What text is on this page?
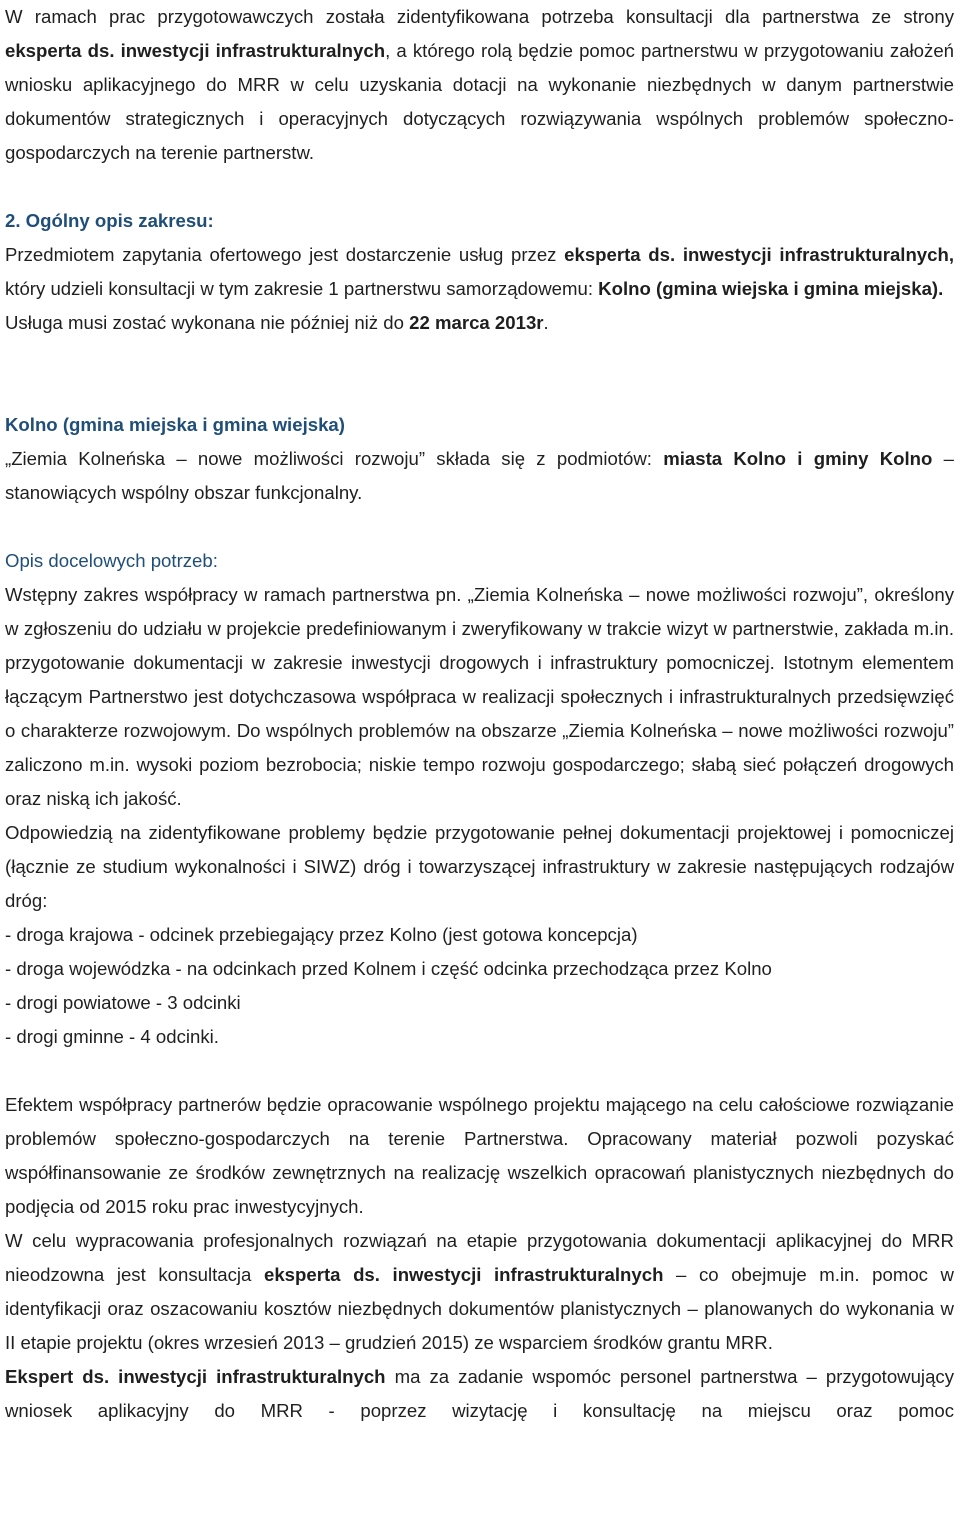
W ramach prac przygotowawczych została zidentyfikowana potrzeba konsultacji dla partnerstwa ze strony eksperta ds. inwestycji infrastrukturalnych, a którego rolą będzie pomoc partnerstwu w przygotowaniu założeń wniosku aplikacyjnego do MRR w celu uzyskania dotacji na wykonanie niezbędnych w danym partnerstwie dokumentów strategicznych i operacyjnych dotyczących rozwiązywania wspólnych problemów społeczno-gospodarczych na terenie partnerstw.

2. Ogólny opis zakresu:

Przedmiotem zapytania ofertowego jest dostarczenie usług przez eksperta ds. inwestycji infrastrukturalnych, który udzieli konsultacji w tym zakresie 1 partnerstwu samorządowemu: Kolno (gmina wiejska i gmina miejska).

Usługa musi zostać wykonana nie później niż do 22 marca 2013r.

Kolno (gmina miejska i gmina wiejska)

„Ziemia Kolneńska – nowe możliwości rozwoju” składa się z podmiotów: miasta Kolno i gminy Kolno – stanowiących wspólny obszar funkcjonalny.

Opis docelowych potrzeb:

Wstępny zakres współpracy w ramach partnerstwa pn. „Ziemia Kolneńska – nowe możliwości rozwoju”, określony w zgłoszeniu do udziału w projekcie predefiniowanym i zweryfikowany w trakcie wizyt w partnerstwie, zakłada m.in. przygotowanie dokumentacji w zakresie inwestycji drogowych i infrastruktury pomocniczej. Istotnym elementem łączącym Partnerstwo jest dotychczasowa współpraca w realizacji społecznych i infrastrukturalnych przedsięwzięć o charakterze rozwojowym. Do wspólnych problemów na obszarze „Ziemia Kolneńska – nowe możliwości rozwoju” zaliczono m.in. wysoki poziom bezrobocia; niskie tempo rozwoju gospodarczego; słabą sieć połączeń drogowych oraz niską ich jakość.

Odpowiedzią na zidentyfikowane problemy będzie przygotowanie pełnej dokumentacji projektowej i pomocniczej (łącznie ze studium wykonalności i SIWZ) dróg i towarzyszącej infrastruktury w zakresie następujących rodzajów dróg:

- droga krajowa - odcinek przebiegający przez Kolno (jest gotowa koncepcja)

- droga wojewódzka - na odcinkach przed Kolnem i część odcinka przechodząca przez Kolno

- drogi powiatowe - 3 odcinki

- drogi gminne - 4 odcinki.

Efektem współpracy partnerów będzie opracowanie wspólnego projektu mającego na celu całościowe rozwiązanie problemów społeczno-gospodarczych na terenie Partnerstwa. Opracowany materiał pozwoli pozyskać współfinansowanie ze środków zewnętrznych na realizację wszelkich opracowań planistycznych niezbędnych do podjęcia od 2015 roku prac inwestycyjnych.

W celu wypracowania profesjonalnych rozwiązań na etapie przygotowania dokumentacji aplikacyjnej do MRR nieodzowna jest konsultacja eksperta ds. inwestycji infrastrukturalnych – co obejmuje m.in. pomoc w identyfikacji oraz oszacowaniu kosztów niezbędnych dokumentów planistycznych – planowanych do wykonania w II etapie projektu (okres wrzesień 2013 – grudzień 2015) ze wsparciem środków grantu MRR.

Ekspert ds. inwestycji infrastrukturalnych ma za zadanie wspomóc personel partnerstwa – przygotowujący wniosek aplikacyjny do MRR - poprzez wizytację i konsultację na miejscu oraz pomoc
